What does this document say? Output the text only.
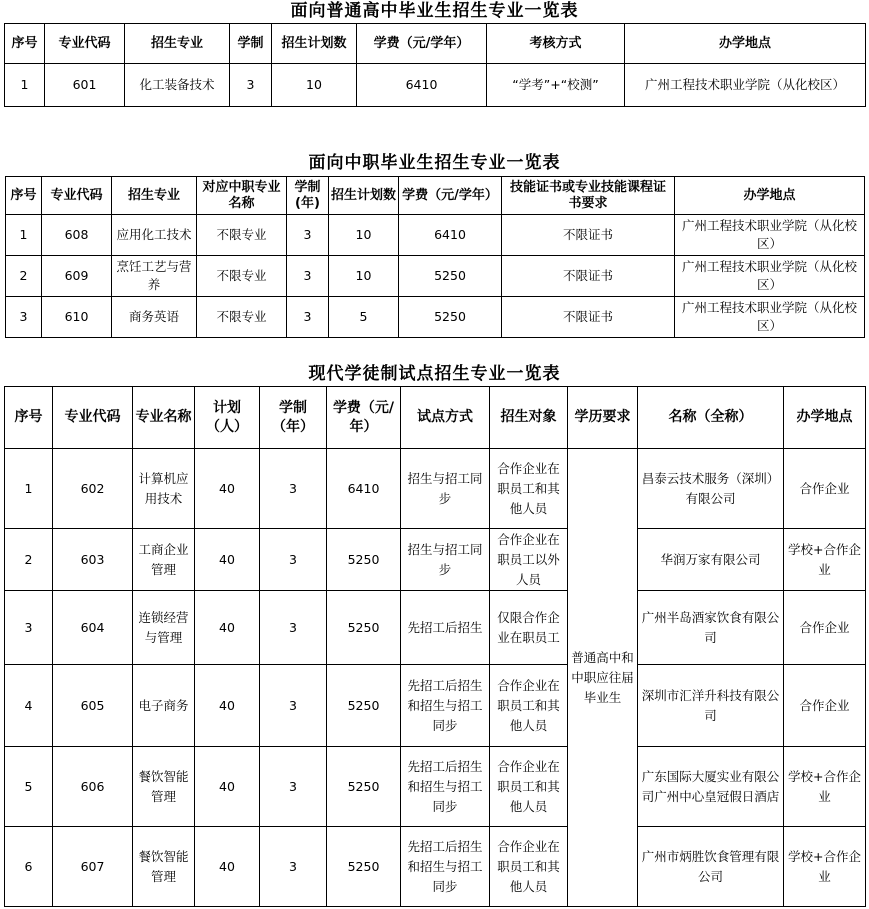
面向普通高中毕业生招生专业一览表
序号	专业代码	招生专业	学制	招生计划数	学费（元/学年）	考核方式	办学地点
1	601	化工装备技术	3	10	6410	“学考”+“校测”	广州工程技术职业学院（从化校区）
面向中职毕业生招生专业一览表
序号	专业代码	招生专业	对应中职专业名称	学制(年)	招生计划数	学费（元/学年）	技能证书或专业技能课程证书要求	办学地点
1	608	应用化工技术	不限专业	3	10	6410	不限证书	广州工程技术职业学院（从化校区）
2	609	烹饪工艺与营养	不限专业	3	10	5250	不限证书	广州工程技术职业学院（从化校区）
3	610	商务英语	不限专业	3	5	5250	不限证书	广州工程技术职业学院（从化校区）
现代学徒制试点招生专业一览表
序号	专业代码	专业名称	计划（人）	学制（年）	学费（元/年）	试点方式	招生对象	学历要求	名称（全称）	办学地点
1	602	计算机应用技术	40	3	6410	招生与招工同步	合作企业在职员工和其他人员	普通高中和中职应往届毕业生	昌泰云技术服务（深圳）有限公司	合作企业
2	603	工商企业管理	40	3	5250	招生与招工同步	合作企业在职员工以外人员		华润万家有限公司	学校+合作企业
3	604	连锁经营与管理	40	3	5250	先招工后招生	仅限合作企业在职员工		广州半岛酒家饮食有限公司	合作企业
4	605	电子商务	40	3	5250	先招工后招生和招生与招工同步	合作企业在职员工和其他人员		深圳市汇洋升科技有限公司	合作企业
5	606	餐饮智能管理	40	3	5250	先招工后招生和招生与招工同步	合作企业在职员工和其他人员		广东国际大厦实业有限公司广州中心皇冠假日酒店	学校+合作企业
6	607	餐饮智能管理	40	3	5250	先招工后招生和招生与招工同步	合作企业在职员工和其他人员		广州市炳胜饮食管理有限公司	学校+合作企业
